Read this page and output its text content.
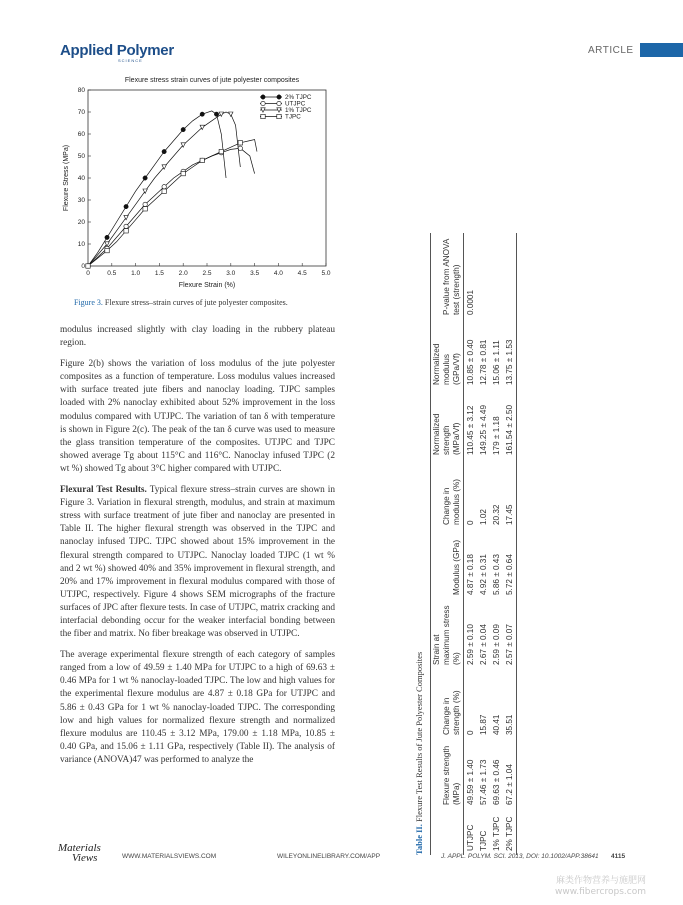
Applied Polymer
SCIENCE
ARTICLE
Flexure stress strain curves of jute polyester composites
0	0.5 1.0 1.5 2.0 2.5 3.0 3.5 4.0 4.5 5.0
0
10
20
30
40
50
60
70
80
Flexure Strain (%)
Flexure Stress (MPa)
2% TJPC
UTJPC
1% TJPC
TJPC
Figure 3. Flexure stress–strain curves of jute polyester composites.

modulus increased slightly with clay loading in the rubbery plateau region.

Figure 2(b) shows the variation of loss modulus of the jute polyester composites as a function of temperature. Loss modulus values increased with surface treated jute fibers and nanoclay loading. TJPC samples loaded with 2% nanoclay exhibited about 52% improvement in the loss modulus compared with UTJPC. The variation of tan δ with temperature is shown in Figure 2(c). The peak of the tan δ curve was used to measure the glass transition temperature of the composites. UTJPC and TJPC showed average Tg about 115°C and 116°C. Nanoclay infused TJPC (2 wt %) showed Tg about 3°C higher compared with UTJPC.

Flexural Test Results. Typical flexure stress–strain curves are shown in Figure 3. Variation in flexural strength, modulus, and strain at maximum stress with surface treatment of jute fiber and nanoclay are presented in Table II. The higher flexural strength was observed in the TJPC and nanoclay infused TJPC. TJPC showed about 15% improvement in the flexural strength compared to UTJPC. Nanoclay loaded TJPC (1 wt % and 2 wt %) showed 40% and 35% improvement in flexural strength, and 20% and 17% improvement in flexural modulus compared with those of UTJPC, respectively. Figure 4 shows SEM micrographs of the fracture surfaces of JPC after flexure tests. In case of UTJPC, matrix cracking and interfacial debonding occur for the weaker interfacial bonding between the fiber and matrix. No fiber breakage was observed in UTJPC.

The average experimental flexure strength of each category of samples ranged from a low of 49.59 ± 1.40 MPa for UTJPC to a high of 69.63 ± 0.46 MPa for 1 wt % nanoclay-loaded TJPC. The low and high values for the experimental flexure modulus are 4.87 ± 0.18 GPa for UTJPC and 5.86 ± 0.43 GPa for 1 wt % nanoclay-loaded TJPC. The corresponding low and high values for normalized flexure strength and normalized flexure modulus are 110.45 ± 3.12 MPa, 179.00 ± 1.18 MPa, 10.85 ± 0.40 GPa, and 15.06 ± 1.11 GPa, respectively (Table II). The analysis of variance (ANOVA)47 was performed to analyze the

Table II. Flexure Test Results of Jute Polyester Composites
	Flexure strength (MPa)	Change in strength (%)	Strain at maximum stress (%)	Modulus (GPa)	Change in modulus (%)	Normalized strength (MPa/Vf)	Normalized modulus (GPa/Vf)	P-value from ANOVA test (strength)
UTJPC	49.59 ± 1.40	0	2.59 ± 0.10	4.87 ± 0.18	0	110.45 ± 3.12	10.85 ± 0.40	0.0001
TJPC	57.46 ± 1.73	15.87	2.67 ± 0.04	4.92 ± 0.31	1.02	149.25 ± 4.49	12.78 ± 0.81	
1% TJPC	69.63 ± 0.46	40.41	2.59 ± 0.09	5.86 ± 0.43	20.32	179 ± 1.18	15.06 ± 1.11	
2% TJPC	67.2 ± 1.04	35.51	2.57 ± 0.07	5.72 ± 0.64	17.45	161.54 ± 2.50	13.75 ± 1.53	
Materials
Views	WWW.MATERIALSVIEWS.COM	WILEYONLINELIBRARY.COM/APP	J. APPL. POLYM. SCI. 2013, DOI: 10.1002/APP.38641 4115
麻类作物营养与施肥网
www.fibercrops.com
